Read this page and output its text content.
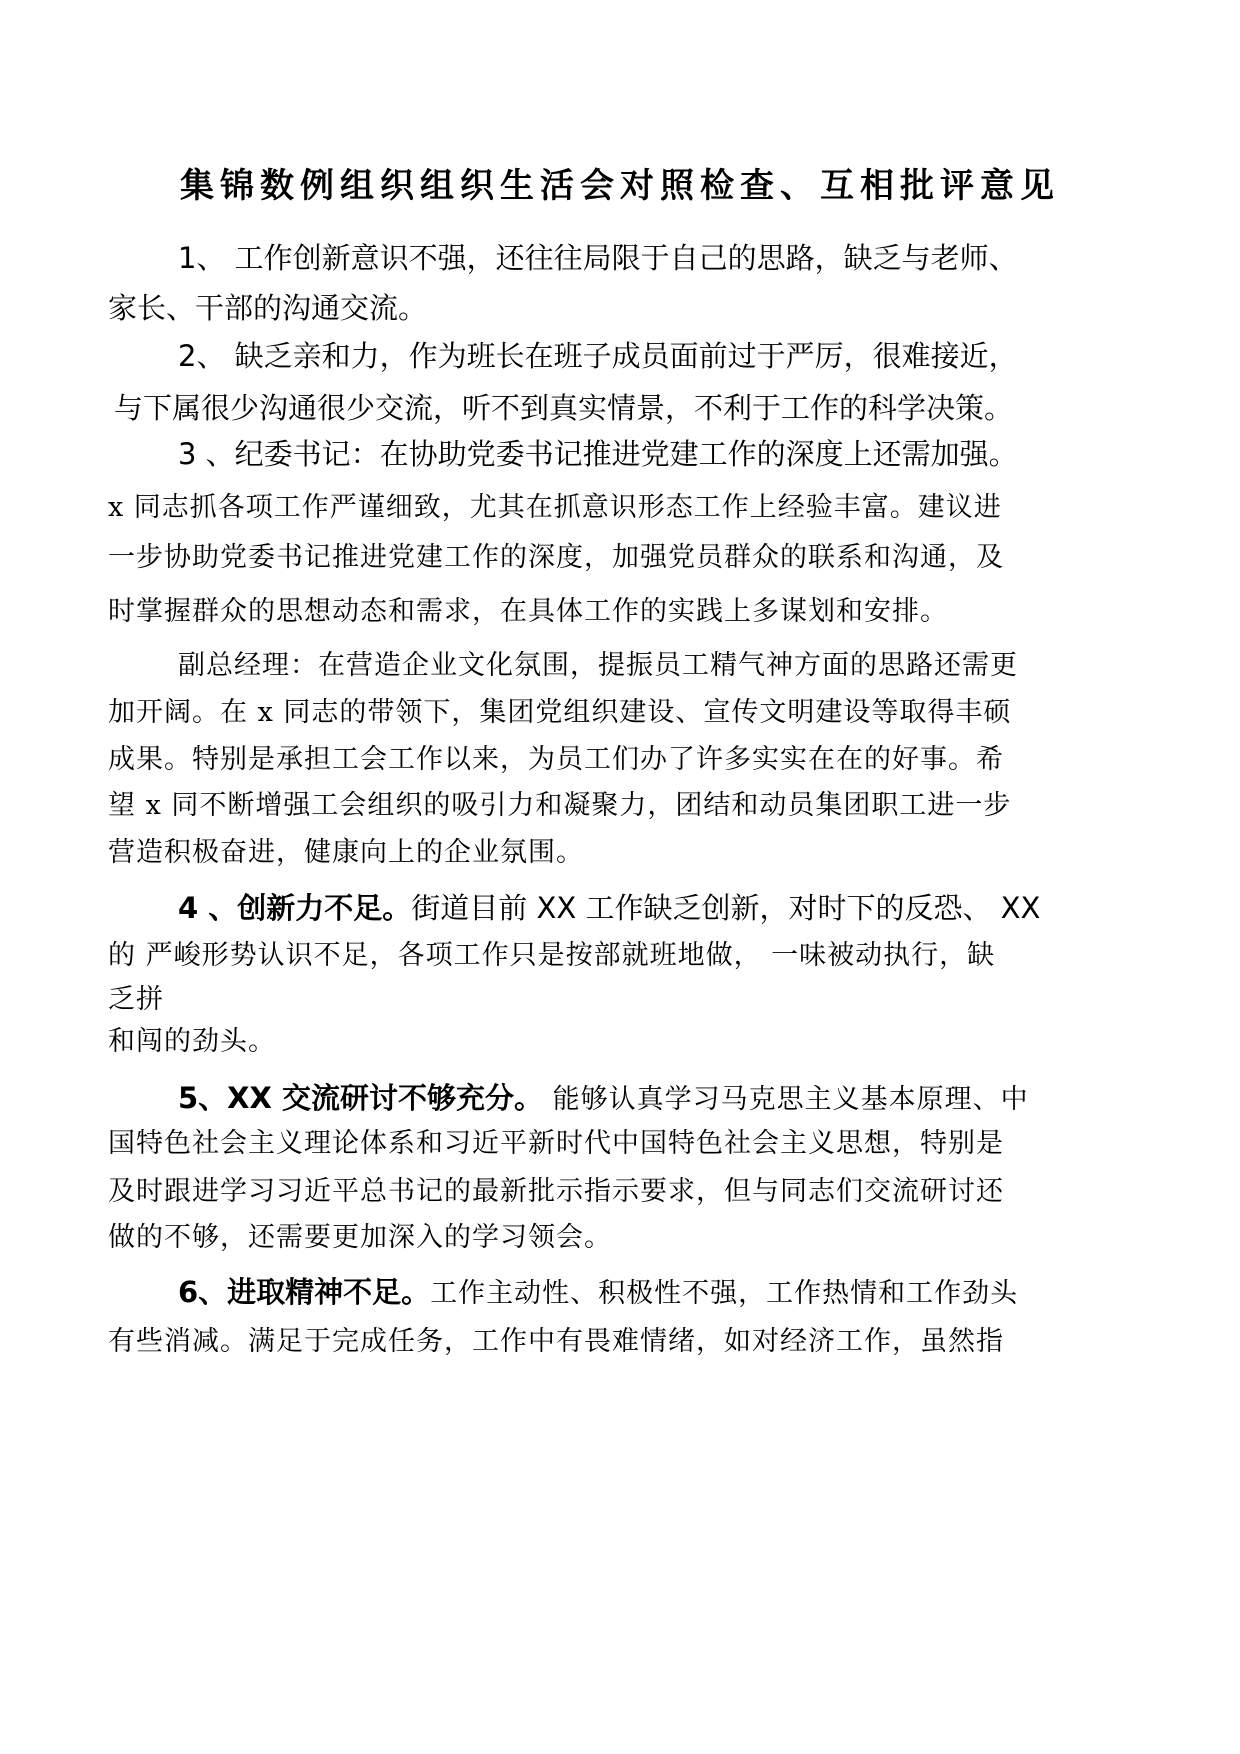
集锦数例组织组织生活会对照检查、互相批评意见

1、 工作创新意识不强，还往往局限于自己的思路，缺乏与老师、

家长、干部的沟通交流。

2、 缺乏亲和力，作为班长在班子成员面前过于严厉，很难接近，

与下属很少沟通很少交流，听不到真实情景，不利于工作的科学决策。

3 、纪委书记：在协助党委书记推进党建工作的深度上还需加强。

x 同志抓各项工作严谨细致，尤其在抓意识形态工作上经验丰富。建议进

一步协助党委书记推进党建工作的深度，加强党员群众的联系和沟通，及

时掌握群众的思想动态和需求，在具体工作的实践上多谋划和安排。

副总经理：在营造企业文化氛围，提振员工精气神方面的思路还需更

加开阔。在 x 同志的带领下，集团党组织建设、宣传文明建设等取得丰硕

成果。特别是承担工会工作以来，为员工们办了许多实实在在的好事。希

望 x 同不断增强工会组织的吸引力和凝聚力，团结和动员集团职工进一步

营造积极奋进，健康向上的企业氛围。

4 、创新力不足。街道目前 XX 工作缺乏创新，对时下的反恐、 XX

的 严峻形势认识不足，各项工作只是按部就班地做， 一味被动执行，缺

乏拼

和闯的劲头。

5、XX 交流研讨不够充分。 能够认真学习马克思主义基本原理、中

国特色社会主义理论体系和习近平新时代中国特色社会主义思想，特别是

及时跟进学习习近平总书记的最新批示指示要求，但与同志们交流研讨还

做的不够，还需要更加深入的学习领会。

6、进取精神不足。工作主动性、积极性不强，工作热情和工作劲头

有些消减。满足于完成任务，工作中有畏难情绪，如对经济工作，虽然指
